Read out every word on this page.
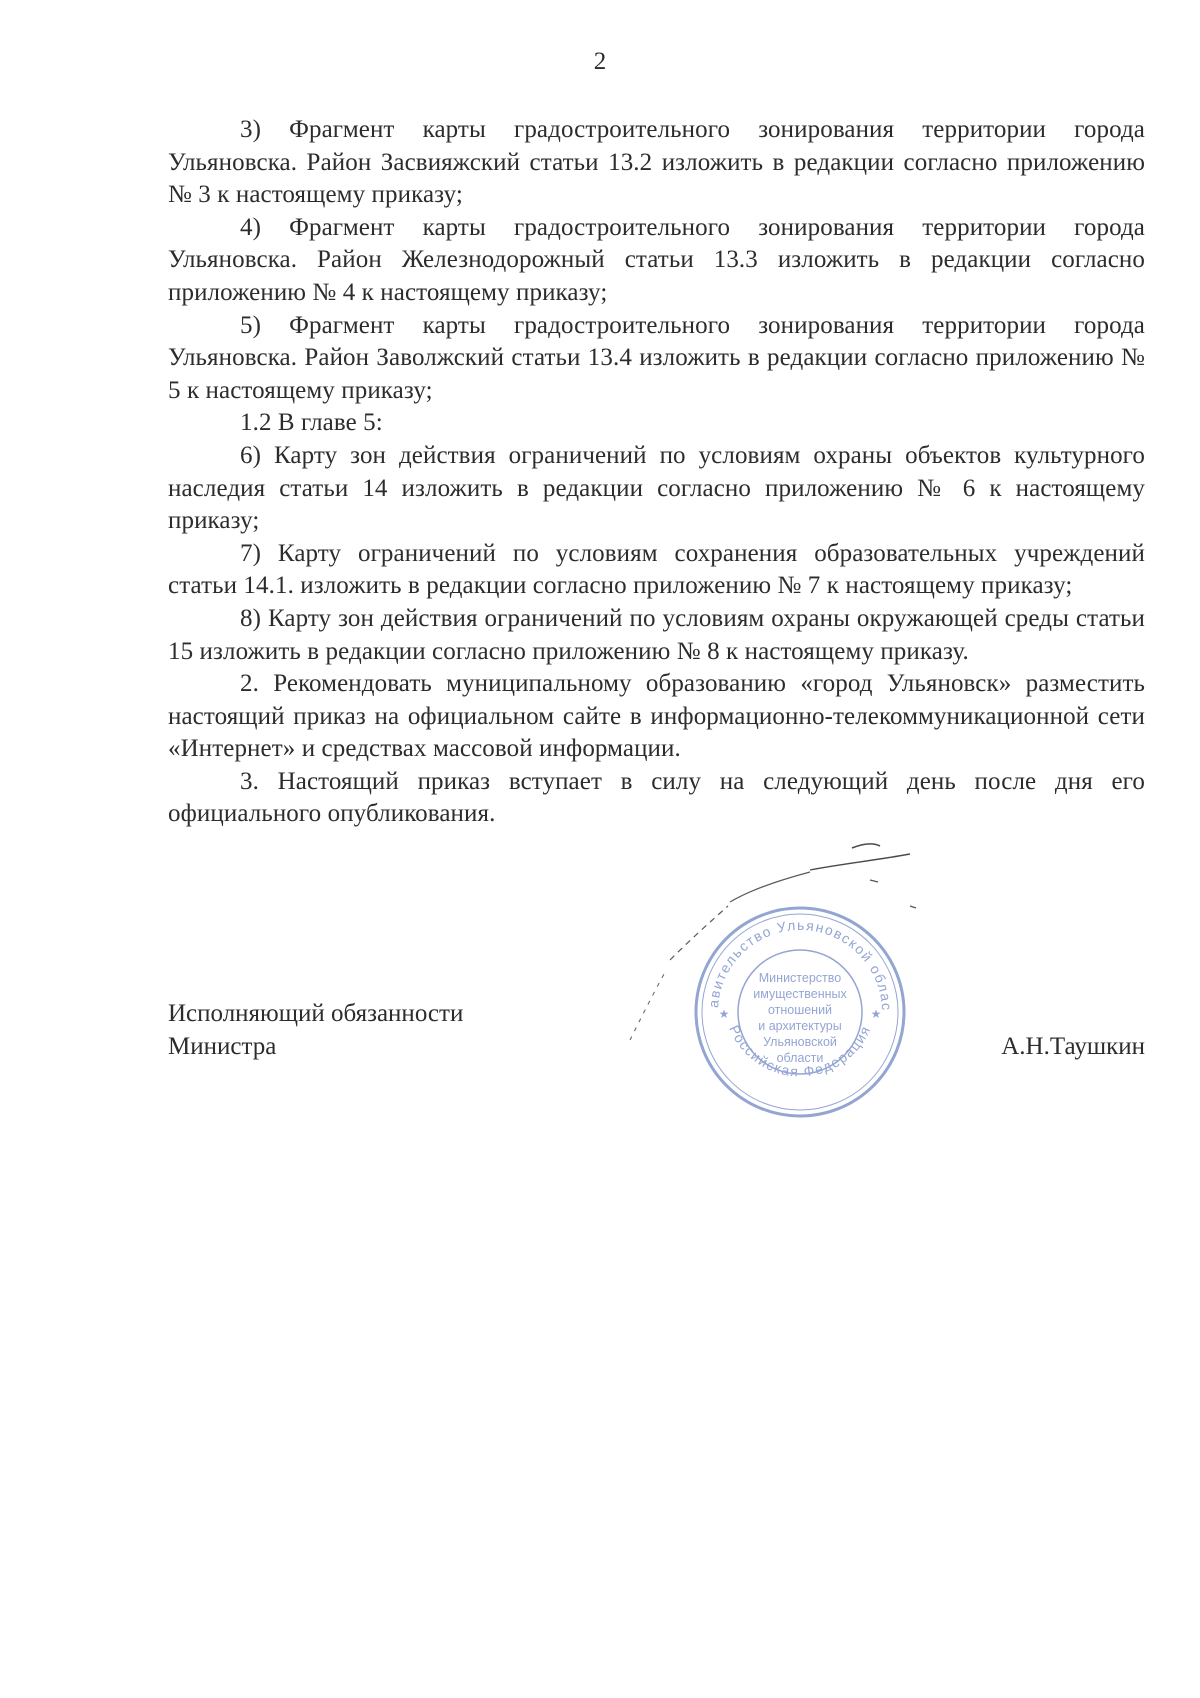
2

3) Фрагмент карты градостроительного зонирования территории города Ульяновска. Район Засвияжский статьи 13.2 изложить в редакции согласно приложению № 3 к настоящему приказу;

4) Фрагмент карты градостроительного зонирования территории города Ульяновска. Район Железнодорожный статьи 13.3 изложить в редакции согласно приложению № 4 к настоящему приказу;

5) Фрагмент карты градостроительного зонирования территории города Ульяновска. Район Заволжский статьи 13.4 изложить в редакции согласно приложению № 5 к настоящему приказу;

1.2 В главе 5:

6) Карту зон действия ограничений по условиям охраны объектов культурного наследия статьи 14 изложить в редакции согласно приложению № 6 к настоящему приказу;

7) Карту ограничений по условиям сохранения образовательных учреждений статьи 14.1. изложить в редакции согласно приложению № 7 к настоящему приказу;

8) Карту зон действия ограничений по условиям охраны окружающей среды статьи 15 изложить в редакции согласно приложению № 8 к настоящему приказу.

2. Рекомендовать муниципальному образованию «город Ульяновск» разместить настоящий приказ на официальном сайте в информационно-телекоммуникационной сети «Интернет» и средствах массовой информации.

3. Настоящий приказ вступает в силу на следующий день после дня его официального опубликования.

Исполняющий обязанности
Министра	А.Н.Таушкин
Правительство Ульяновской области
Российская Федерация
Министерство
имущественных
отношений
и архитектуры
Ульяновской
области
★	★
